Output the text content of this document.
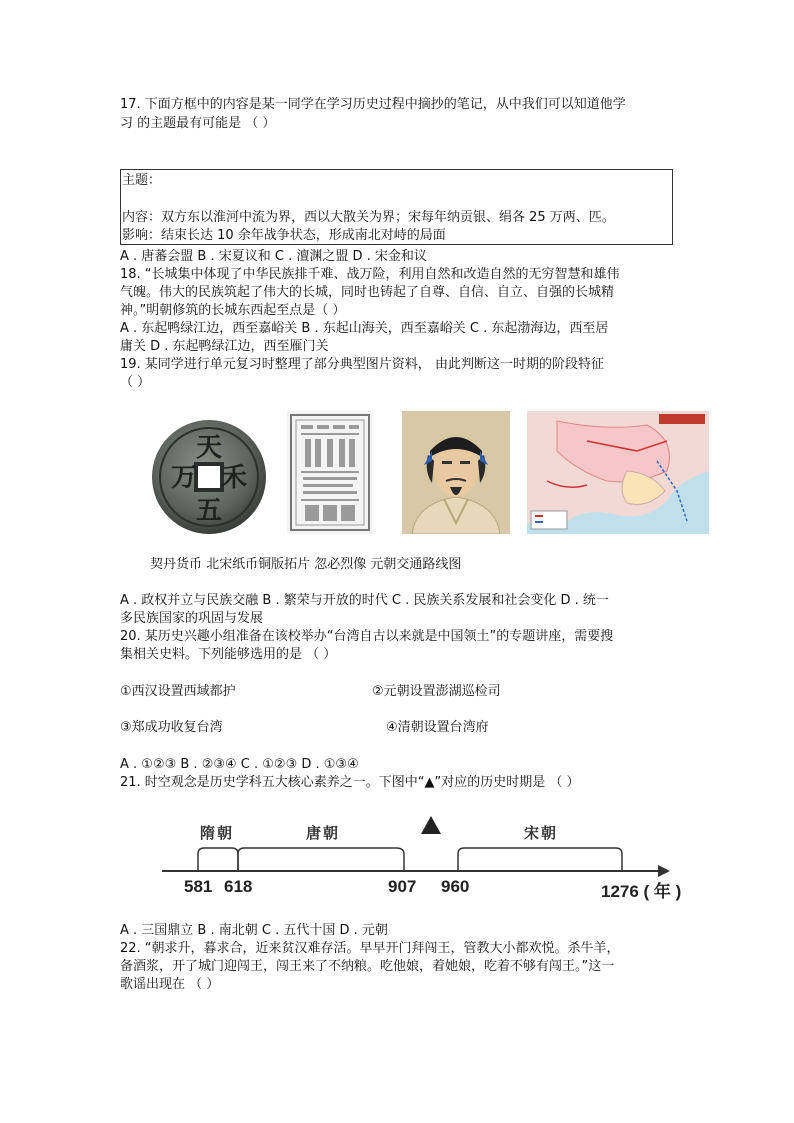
17. 下面方框中的内容是某一同学在学习历史过程中摘抄的笔记，从中我们可以知道他学
习 的主题最有可能是 （ ）
主题：
内容：双方东以淮河中流为界，西以大散关为界；宋每年纳贡银、绢各 25 万两、匹。
影响：结束长达 10 余年战争状态，形成南北对峙的局面
A . 唐蕃会盟 B . 宋夏议和 C . 澶渊之盟 D . 宋金和议
18. “长城集中体现了中华民族排千难、战万险，利用自然和改造自然的无穷智慧和雄伟
气魄。伟大的民族筑起了伟大的长城，同时也铸起了自尊、自信、自立、自强的长城精
神。”明朝修筑的长城东西起至点是（ ）
A . 东起鸭绿江边，西至嘉峪关 B . 东起山海关，西至嘉峪关 C . 东起渤海边，西至居
庸关 D . 东起鸭绿江边，西至雁门关
19. 某同学进行单元复习时整理了部分典型图片资料， 由此判断这一时期的阶段特征
（ ）
天
禾
万
五
契丹货币 北宋纸币铜版拓片 忽必烈像 元朝交通路线图
A . 政权并立与民族交融 B . 繁荣与开放的时代 C . 民族关系发展和社会变化 D . 统一
多民族国家的巩固与发展
20. 某历史兴趣小组准备在该校举办“台湾自古以来就是中国领土”的专题讲座，需要搜
集相关史料。下列能够选用的是 （ ）
①西汉设置西域都护	②元朝设置澎湖巡检司
③郑成功收复台湾	④清朝设置台湾府
A . ①②③ B . ②③④ C . ①②③ D . ①③④
21. 时空观念是历史学科五大核心素养之一。下图中“▲”对应的历史时期是 （ ）
隋朝	唐朝	宋朝
581 618	907 960	1276 ( 年 )
A . 三国鼎立 B . 南北朝 C . 五代十国 D . 元朝
22. “朝求升，暮求合，近来贫汉难存活。早早开门拜闯王，管教大小都欢悦。杀牛羊，
备酒浆，开了城门迎闯王，闯王来了不纳粮。吃他娘，着她娘，吃着不够有闯王。”这一
歌谣出现在 （ ）
